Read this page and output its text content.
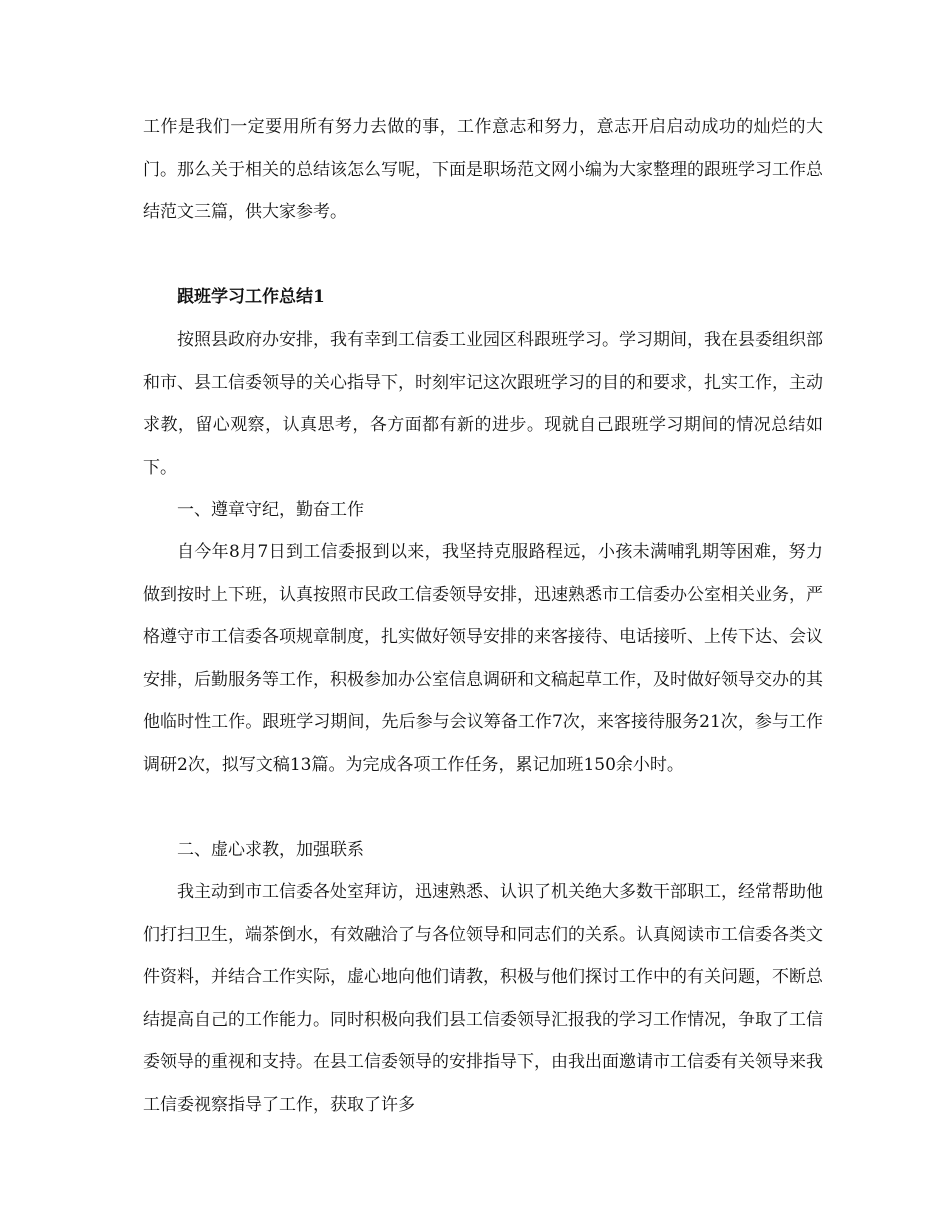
工作是我们一定要用所有努力去做的事，工作意志和努力，意志开启启动成功的灿烂的大门。那么关于相关的总结该怎么写呢，下面是职场范文网小编为大家整理的跟班学习工作总结范文三篇，供大家参考。

跟班学习工作总结1

按照县政府办安排，我有幸到工信委工业园区科跟班学习。学习期间，我在县委组织部和市、县工信委领导的关心指导下，时刻牢记这次跟班学习的目的和要求，扎实工作，主动求教，留心观察，认真思考，各方面都有新的进步。现就自己跟班学习期间的情况总结如下。

一、遵章守纪，勤奋工作

自今年8月7日到工信委报到以来，我坚持克服路程远，小孩未满哺乳期等困难，努力做到按时上下班，认真按照市民政工信委领导安排，迅速熟悉市工信委办公室相关业务，严格遵守市工信委各项规章制度，扎实做好领导安排的来客接待、电话接听、上传下达、会议安排，后勤服务等工作，积极参加办公室信息调研和文稿起草工作，及时做好领导交办的其他临时性工作。跟班学习期间，先后参与会议筹备工作7次，来客接待服务21次，参与工作调研2次，拟写文稿13篇。为完成各项工作任务，累记加班150余小时。

二、虚心求教，加强联系

我主动到市工信委各处室拜访，迅速熟悉、认识了机关绝大多数干部职工，经常帮助他们打扫卫生，端茶倒水，有效融洽了与各位领导和同志们的关系。认真阅读市工信委各类文件资料，并结合工作实际，虚心地向他们请教，积极与他们探讨工作中的有关问题，不断总结提高自己的工作能力。同时积极向我们县工信委领导汇报我的学习工作情况，争取了工信委领导的重视和支持。在县工信委领导的安排指导下，由我出面邀请市工信委有关领导来我工信委视察指导了工作，获取了许多
